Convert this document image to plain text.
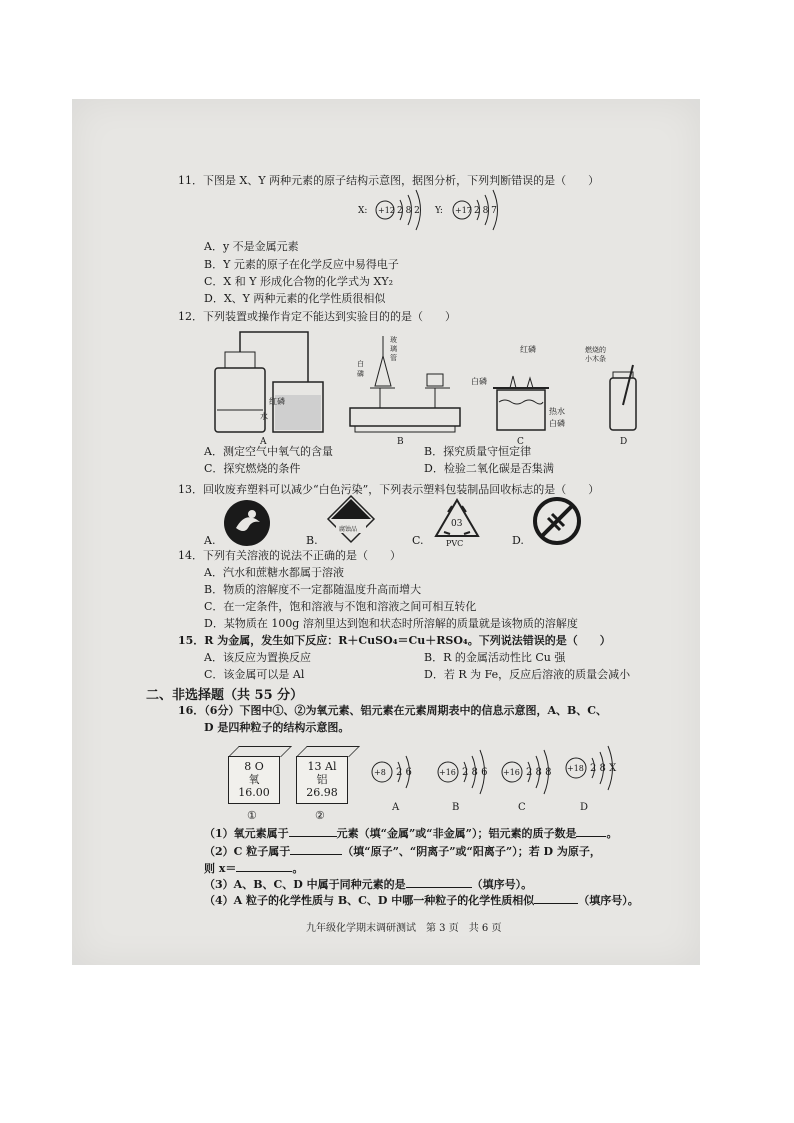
11．下图是 X、Y 两种元素的原子结构示意图，据图分析，下列判断错误的是（　　）
X: +12 2 8 2 Y: +17 2 8 7
A．y 不是金属元素
B．Y 元素的原子在化学反应中易得电子
C．X 和 Y 形成化合物的化学式为 XY₂
D．X、Y 两种元素的化学性质很相似
12．下列装置或操作肯定不能达到实验目的的是（　　）
红磷
水
A
玻
璃
管
白
磷
B
红磷
白磷
热水
白磷
C
燃烧的
小木条
D
A．测定空气中氧气的含量	B．探究质量守恒定律
C．探究燃烧的条件	D．检验二氧化碳是否集满
13．回收废弃塑料可以减少“白色污染”，下列表示塑料包装制品回收标志的是（　　）
A.	B.	C.	D.
腐蚀品
03
PVC
14．下列有关溶液的说法不正确的是（　　）
A．汽水和蔗糖水都属于溶液
B．物质的溶解度不一定都随温度升高而增大
C．在一定条件，饱和溶液与不饱和溶液之间可相互转化
D．某物质在 100g 溶剂里达到饱和状态时所溶解的质量就是该物质的溶解度
15．R 为金属，发生如下反应：R＋CuSO₄＝Cu＋RSO₄。下列说法错误的是（　　）
A．该反应为置换反应	B．R 的金属活动性比 Cu 强
C．该金属可以是 Al	D．若 R 为 Fe，反应后溶液的质量会减小
二、非选择题（共 55 分）
16．（6分）下图中①、②为氧元素、铝元素在元素周期表中的信息示意图，A、B、C、
D 是四种粒子的结构示意图。
8 O
氧
16.00
①
13 Al
铝
26.98
②
+8 2 6
A
+16 2 8 6
B
+16 2 8 8
C
+18 2 8 X
D
（1）氧元素属于	元素（填“金属”或“非金属”）；铝元素的质子数是	。
（2）C 粒子属于	（填“原子”、“阴离子”或“阳离子”）；若 D 为原子，
则 x＝	。
（3）A、B、C、D 中属于同种元素的是	（填序号）。
（4）A 粒子的化学性质与 B、C、D 中哪一种粒子的化学性质相似	（填序号）。
九年级化学期末调研测试　第 3 页　共 6 页
